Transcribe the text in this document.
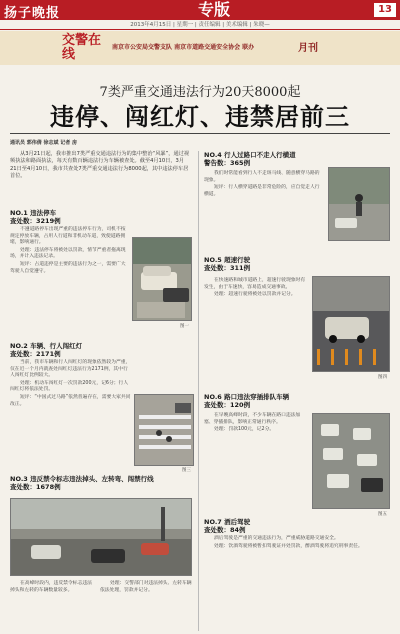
扬子晚报	专版	13
2013年4月15日 | 星期一 | 责任编辑 | 美术编辑 | 朱晓—
交警在线	南京市公安局交警支队 南京市道路交通安全协会 联办	月刊
7类严重交通违法行为20天8000起
违停、闯红灯、违禁居前三
通讯员 郭伟倩 徐志斌 记者 房
从3月21日起，我市推出7类严重交通违法行为的集中整治“风暴”，通过视频执法和路面执法，每天有数百辆违法行为车辆被查处。截至4月10日，3月21日至4月10日，我市共查处7类严重交通违法行为8000起，其中违法停车居首位。
NO.1 违法停车
查处数：3219例

不遵道路停车出现严重的违法停车行为，司机不按规定停放车辆，占用人行道和非机动车道，致使道路拥堵，影响通行。

处理：违法停车将被处以罚款，情节严重者拖离现场，并计入违法记录。

短评：占道违停是主要的违法行为之一，需要广大驾驶人自觉遵守。

图一
NO.2 车辆、行人闯红灯
查处数：2171例

当前，我市车辆和行人闯红灯的现象依然较为严重，仅在近一个月内就查处闯红灯违法行为2171例，其中行人闯红灯比例较大。

处理：机动车闯红灯一次罚款200元，记6分；行人闯红灯将依法处罚。

短评：“中国式过马路”依然普遍存在，需要大家共同改正。

图三
NO.3 违反禁令标志违法掉头、左转弯、闯禁行线
查处数：1678例

在高峰时段内，违反禁令标志违法掉头和左转的车辆数量较多。

处理：交警部门对违法掉头、左转车辆依法处理，罚款并记分。

NO.4 行人过路口不走人行横道
警告数：365例

我们时常能看到行人不走斑马线、随意横穿马路的现象。

短评：行人横穿道路是非常危险的，应自觉走人行横道。

NO.5 超速行驶
查处数：311例

在快速路和城市道路上，超速行驶现象时有发生，由于车速快，容易造成交通事故。

处理：超速行驶将被处以罚款并记分。

图四
NO.6 路口违法穿插排队车辆
查处数：120例

在早晚高峰时段，不少车辆在路口违法加塞、穿插排队，影响正常通行秩序。

处理：罚款100元，记2分。

图五
NO.7 酒后驾驶
查处数：84例

酒后驾驶是严重的交通违法行为，严重威胁道路交通安全。

处理：饮酒驾驶将被暂扣驾驶证并处罚款，醉酒驾驶将追究刑事责任。
